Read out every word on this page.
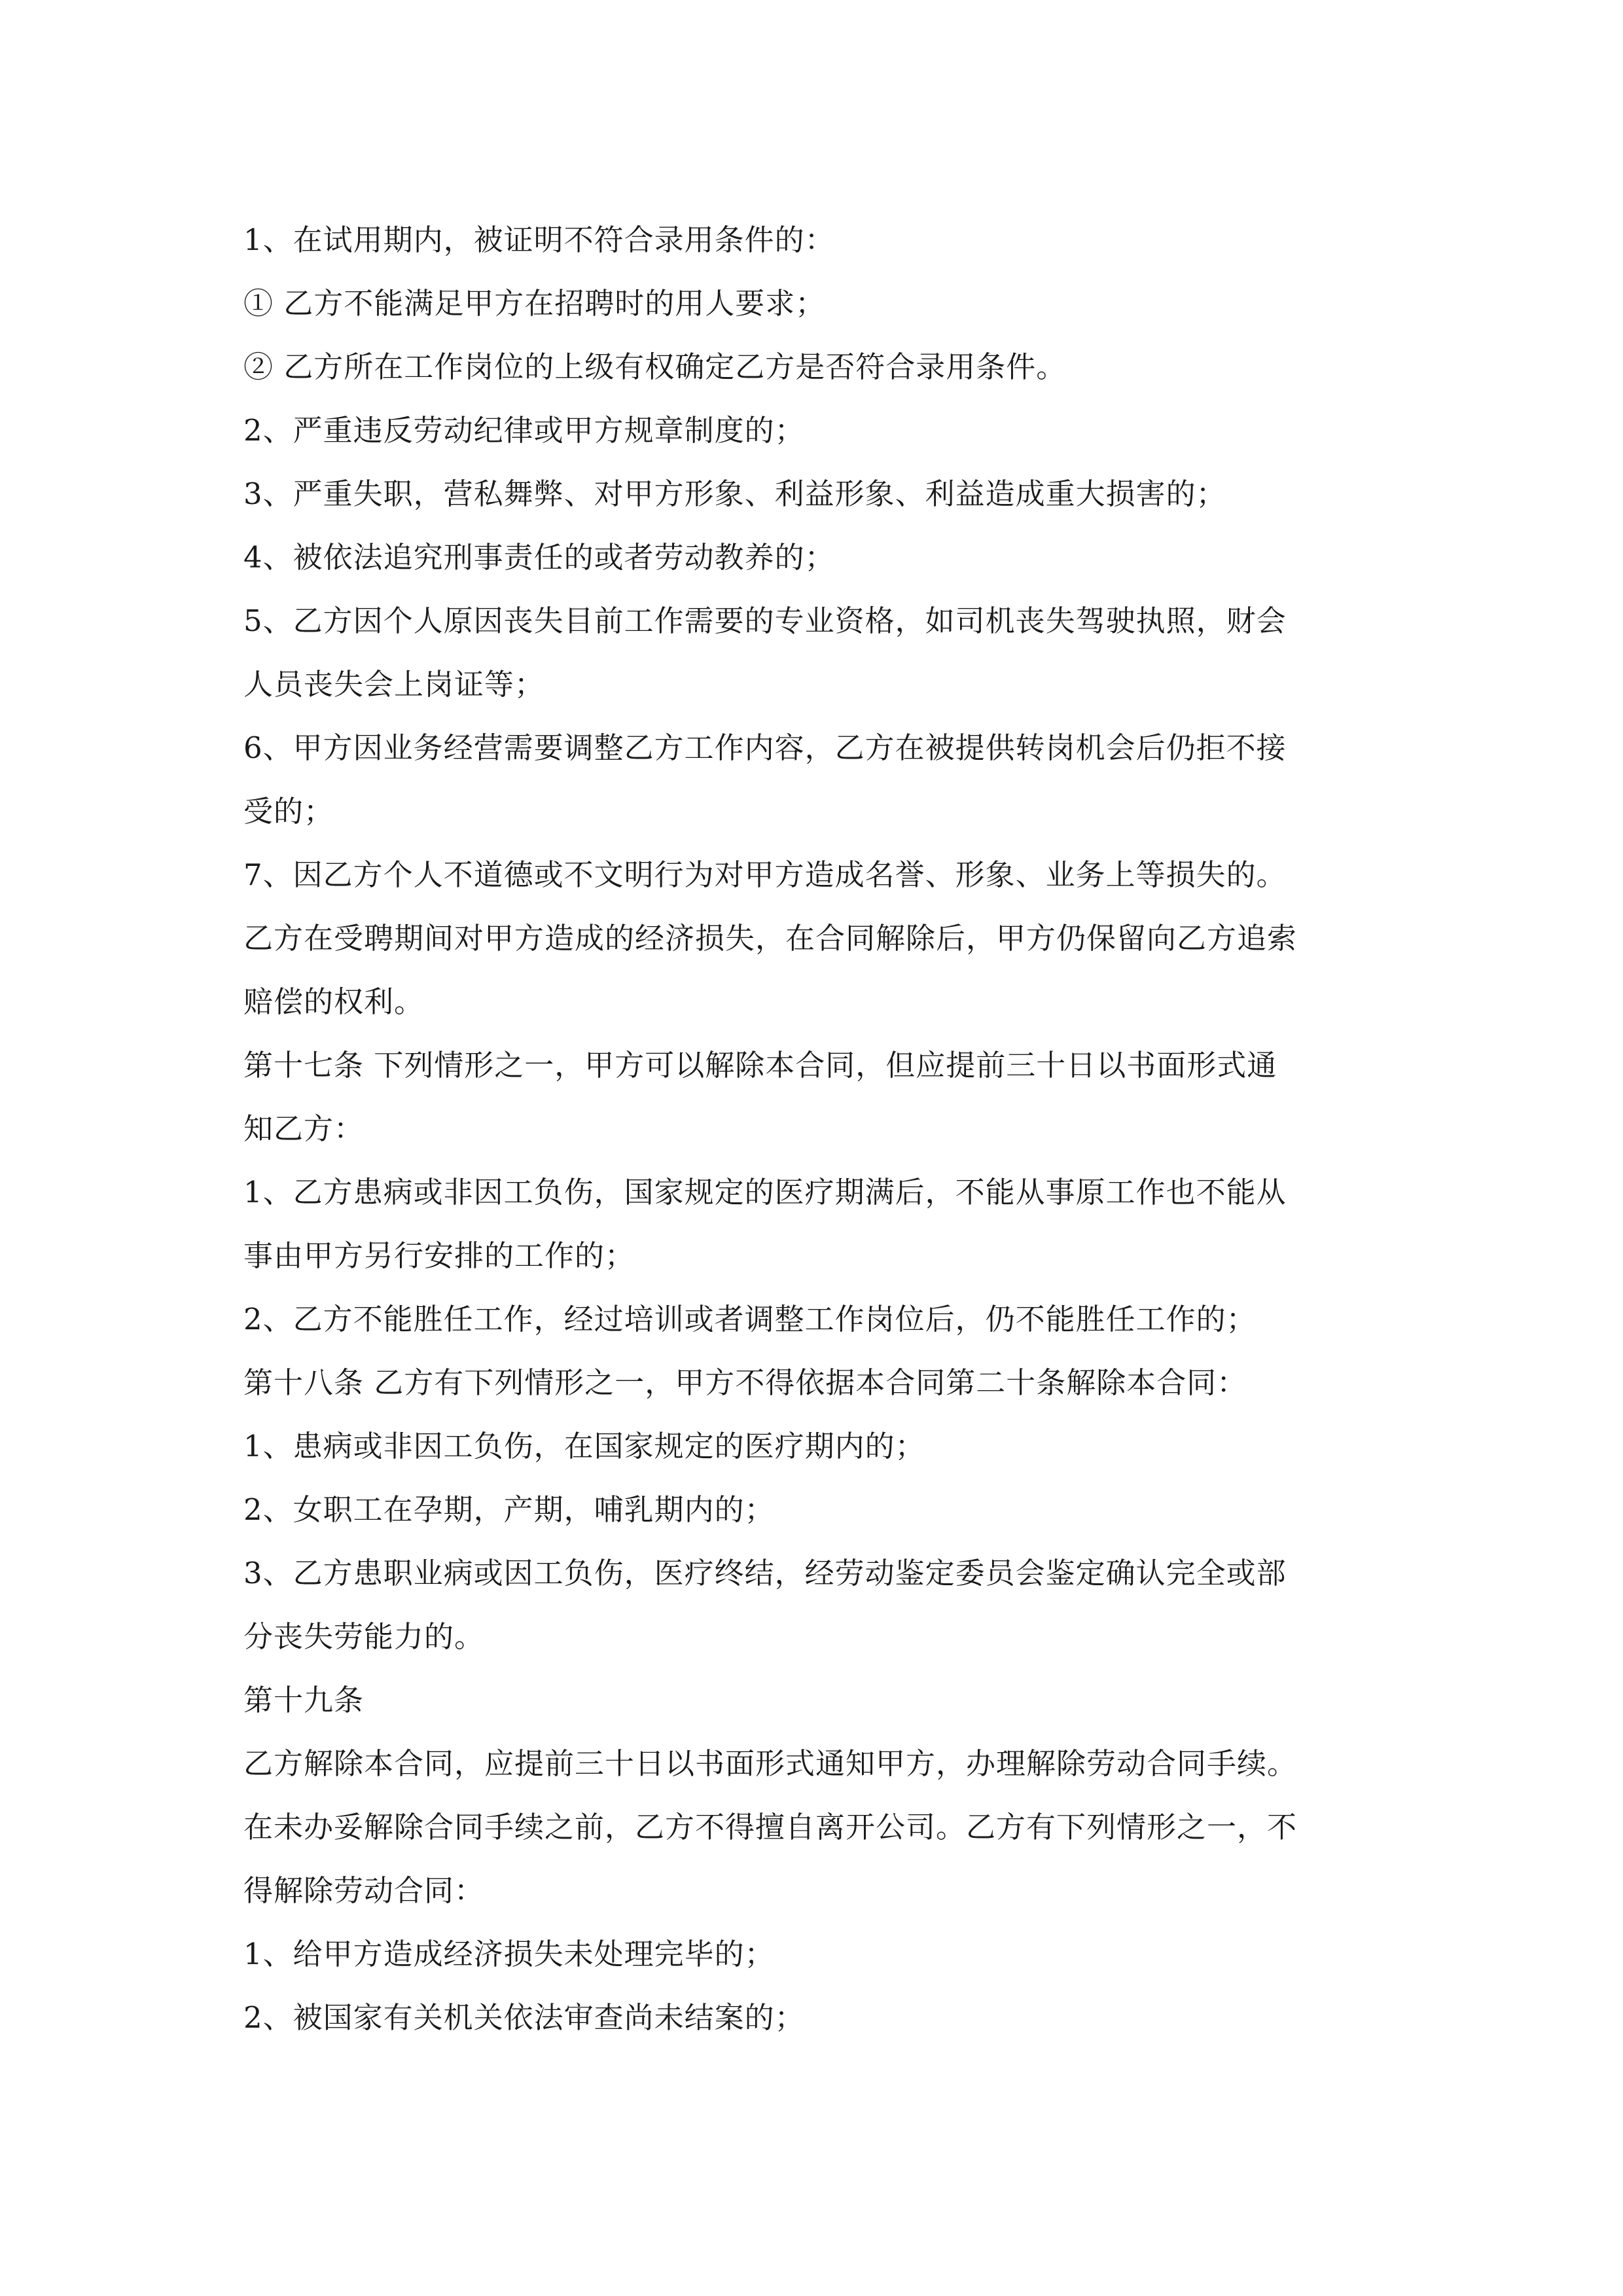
1、在试用期内，被证明不符合录用条件的：
① 乙方不能满足甲方在招聘时的用人要求；
② 乙方所在工作岗位的上级有权确定乙方是否符合录用条件。
2、严重违反劳动纪律或甲方规章制度的；
3、严重失职，营私舞弊、对甲方形象、利益形象、利益造成重大损害的；
4、被依法追究刑事责任的或者劳动教养的；
5、乙方因个人原因丧失目前工作需要的专业资格，如司机丧失驾驶执照，财会
人员丧失会上岗证等；
6、甲方因业务经营需要调整乙方工作内容，乙方在被提供转岗机会后仍拒不接
受的；
7、因乙方个人不道德或不文明行为对甲方造成名誉、形象、业务上等损失的。
乙方在受聘期间对甲方造成的经济损失，在合同解除后，甲方仍保留向乙方追索
赔偿的权利。
第十七条 下列情形之一，甲方可以解除本合同，但应提前三十日以书面形式通
知乙方：
1、乙方患病或非因工负伤，国家规定的医疗期满后，不能从事原工作也不能从
事由甲方另行安排的工作的；
2、乙方不能胜任工作，经过培训或者调整工作岗位后，仍不能胜任工作的；
第十八条 乙方有下列情形之一，甲方不得依据本合同第二十条解除本合同：
1、患病或非因工负伤，在国家规定的医疗期内的；
2、女职工在孕期，产期，哺乳期内的；
3、乙方患职业病或因工负伤，医疗终结，经劳动鉴定委员会鉴定确认完全或部
分丧失劳能力的。
第十九条
乙方解除本合同，应提前三十日以书面形式通知甲方，办理解除劳动合同手续。
在未办妥解除合同手续之前，乙方不得擅自离开公司。乙方有下列情形之一，不
得解除劳动合同：
1、给甲方造成经济损失未处理完毕的；
2、被国家有关机关依法审查尚未结案的；
